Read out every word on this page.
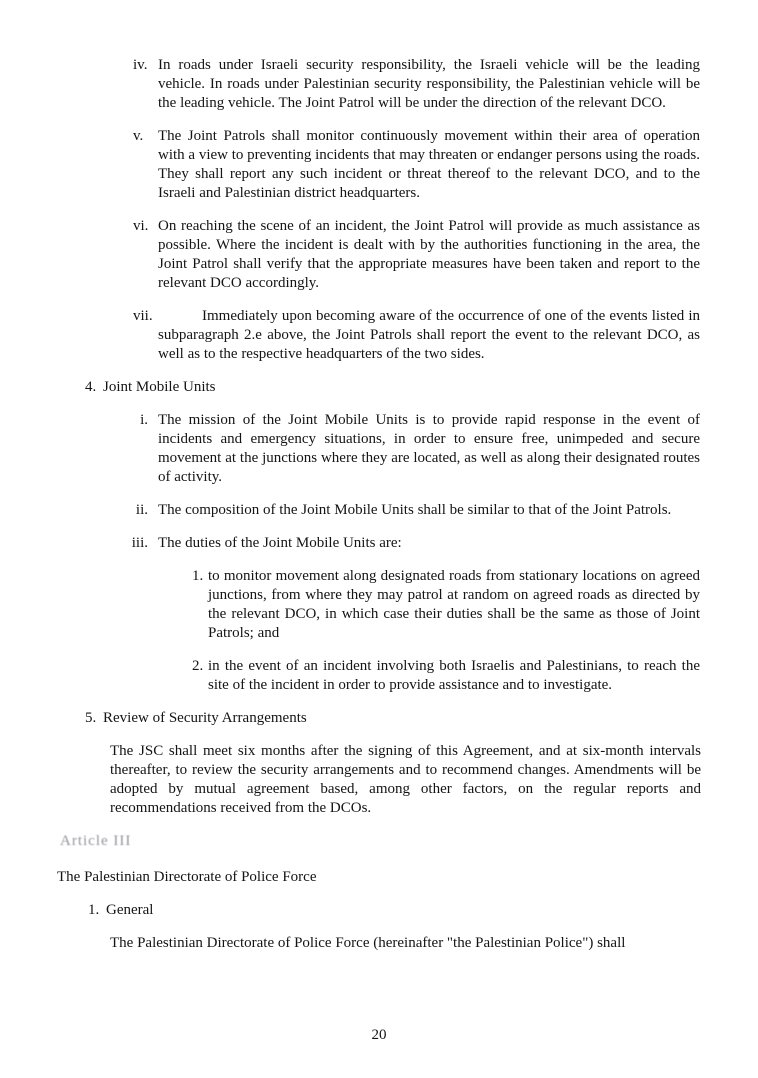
iv. In roads under Israeli security responsibility, the Israeli vehicle will be the leading vehicle. In roads under Palestinian security responsibility, the Palestinian vehicle will be the leading vehicle. The Joint Patrol will be under the direction of the relevant DCO.
v. The Joint Patrols shall monitor continuously movement within their area of operation with a view to preventing incidents that may threaten or endanger persons using the roads. They shall report any such incident or threat thereof to the relevant DCO, and to the Israeli and Palestinian district headquarters.
vi. On reaching the scene of an incident, the Joint Patrol will provide as much assistance as possible. Where the incident is dealt with by the authorities functioning in the area, the Joint Patrol shall verify that the appropriate measures have been taken and report to the relevant DCO accordingly.
vii.	Immediately upon becoming aware of the occurrence of one of the events listed in subparagraph 2.e above, the Joint Patrols shall report the event to the relevant DCO, as well as to the respective headquarters of the two sides.
4. Joint Mobile Units
i. The mission of the Joint Mobile Units is to provide rapid response in the event of incidents and emergency situations, in order to ensure free, unimpeded and secure movement at the junctions where they are located, as well as along their designated routes of activity.
ii. The composition of the Joint Mobile Units shall be similar to that of the Joint Patrols.
iii. The duties of the Joint Mobile Units are:
1. to monitor movement along designated roads from stationary locations on agreed junctions, from where they may patrol at random on agreed roads as directed by the relevant DCO, in which case their duties shall be the same as those of Joint Patrols; and
2. in the event of an incident involving both Israelis and Palestinians, to reach the site of the incident in order to provide assistance and to investigate.
5. Review of Security Arrangements
The JSC shall meet six months after the signing of this Agreement, and at six-month intervals thereafter, to review the security arrangements and to recommend changes. Amendments will be adopted by mutual agreement based, among other factors, on the regular reports and recommendations received from the DCOs.
Article III
The Palestinian Directorate of Police Force
1. General
The Palestinian Directorate of Police Force (hereinafter "the Palestinian Police") shall
20
